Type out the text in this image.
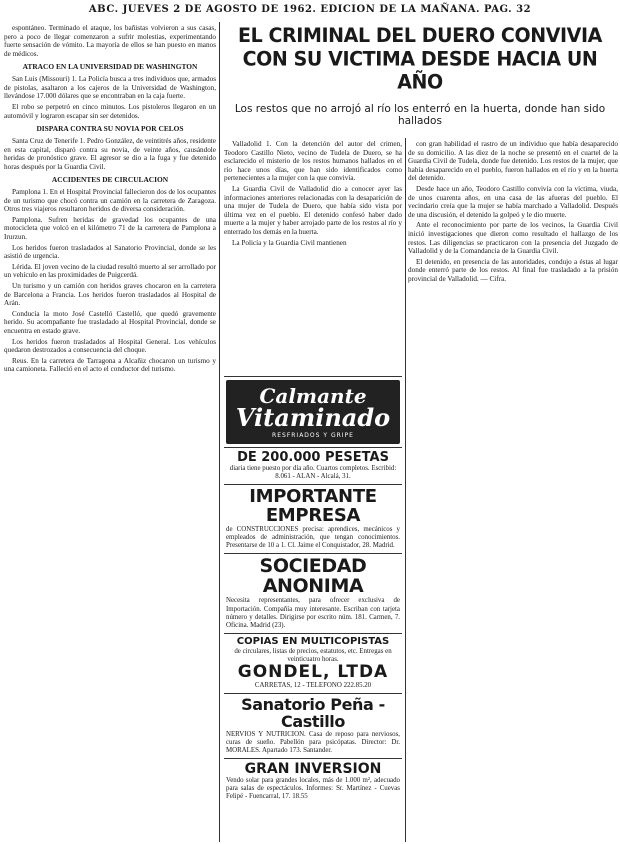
ABC. JUEVES 2 DE AGOSTO DE 1962. EDICION DE LA MAÑANA. PAG. 32

espontáneo. Terminado el ataque, los bañistas volvieron a sus casas, pero a poco de llegar comenzaron a sufrir molestias, experimentando fuerte sensación de vómito. La mayoría de ellos se han puesto en manos de médicos.

ATRACO EN LA UNIVERSIDAD DE WASHINGTON

San Luis (Missouri) 1. La Policía busca a tres individuos que, armados de pistolas, asaltaron a los cajeros de la Universidad de Washington, llevándose 17.000 dólares que se encontraban en la caja fuerte.

El robo se perpetró en cinco minutos. Los pistoleros llegaron en un automóvil y lograron escapar sin ser detenidos.

DISPARA CONTRA SU NOVIA POR CELOS

Santa Cruz de Tenerife 1. Pedro González, de veintitrés años, residente en esta capital, disparó contra su novia, de veinte años, causándole heridas de pronóstico grave. El agresor se dio a la fuga y fue detenido horas después por la Guardia Civil.

ACCIDENTES DE CIRCULACION

Pamplona 1. En el Hospital Provincial fallecieron dos de los ocupantes de un turismo que chocó contra un camión en la carretera de Zaragoza. Otros tres viajeros resultaron heridos de diversa consideración.

Pamplona. Sufren heridas de gravedad los ocupantes de una motocicleta que volcó en el kilómetro 71 de la carretera de Pamplona a Irurzun.

Los heridos fueron trasladados al Sanatorio Provincial, donde se les asistió de urgencia.

Lérida. El joven vecino de la ciudad resultó muerto al ser arrollado por un vehículo en las proximidades de Puigcerdá.

Un turismo y un camión con heridos graves chocaron en la carretera de Barcelona a Francia. Los heridos fueron trasladados al Hospital de Arán.

Conducía la moto José Castelló Castelló, que quedó gravemente herido. Su acompañante fue trasladado al Hospital Provincial, donde se encuentra en estado grave.

Los heridos fueron trasladados al Hospital General. Los vehículos quedaron destrozados a consecuencia del choque.

Reus. En la carretera de Tarragona a Alcañiz chocaron un turismo y una camioneta. Falleció en el acto el conductor del turismo.

EL CRIMINAL DEL DUERO CONVIVIA CON SU VICTIMA DESDE HACIA UN AÑO
Los restos que no arrojó al río los enterró en la huerta, donde han sido hallados

Valladolid 1. Con la detención del autor del crimen, Teodoro Castillo Nieto, vecino de Tudela de Duero, se ha esclarecido el misterio de los restos humanos hallados en el río hace unos días, que han sido identificados como pertenecientes a la mujer con la que convivía.

La Guardia Civil de Valladolid dio a conocer ayer las informaciones anteriores relacionadas con la desaparición de una mujer de Tudela de Duero, que había sido vista por última vez en el pueblo. El detenido confesó haber dado muerte a la mujer y haber arrojado parte de los restos al río y enterrado los demás en la huerta.

La Policía y la Guardia Civil mantienen

Calmante
Vitaminado
RESFRIADOS Y GRIPE
DE 200.000 PESETAS
diaria tiene puesto por día año. Cuartos completos. Escribid: 8.061 - ALAN - Alcalá, 31.
IMPORTANTE EMPRESA
de CONSTRUCCIONES precisa: aprendices, mecánicos y empleados de administración, que tengan conocimientos. Presentarse de 10 a 1. Cl. Jaime el Conquistador, 28. Madrid.
SOCIEDAD ANONIMA
Necesita representantes, para ofrecer exclusiva de Importación. Compañía muy interesante. Escriban con tarjeta número y detalles. Dirigirse por escrito núm. 181. Carmen, 7. Oficina. Madrid (23).
COPIAS EN MULTICOPISTAS
de circulares, listas de precios, estatutos, etc. Entregas en veinticuatro horas.
GONDEL, LTDA
CARRETAS, 12 - TELEFONO 222.85.20
Sanatorio Peña - Castillo
NERVIOS Y NUTRICION. Casa de reposo para nerviosos, curas de sueño. Pabellón para psicópatas. Director: Dr. MORALES. Apartado 173. Santander.
GRAN INVERSION
Vendo solar para grandes locales, más de 1.000 m², adecuado para salas de espectáculos. Informes: Sr. Martínez - Cuevas Felipé - Fuencarral, 17. 18.55

con gran habilidad el rastro de un individuo que había desaparecido de su domicilio. A las diez de la noche se presentó en el cuartel de la Guardia Civil de Tudela, donde fue detenido. Los restos de la mujer, que había desaparecido en el pueblo, fueron hallados en el río y en la huerta del detenido.

Desde hace un año, Teodoro Castillo convivía con la víctima, viuda, de unos cuarenta años, en una casa de las afueras del pueblo. El vecindario creía que la mujer se había marchado a Valladolid. Después de una discusión, el detenido la golpeó y le dio muerte.

Ante el reconocimiento por parte de los vecinos, la Guardia Civil inició investigaciones que dieron como resultado el hallazgo de los restos. Las diligencias se practicaron con la presencia del Juzgado de Valladolid y de la Comandancia de la Guardia Civil.

El detenido, en presencia de las autoridades, condujo a éstas al lugar donde enterró parte de los restos. Al final fue trasladado a la prisión provincial de Valladolid. — Cifra.
